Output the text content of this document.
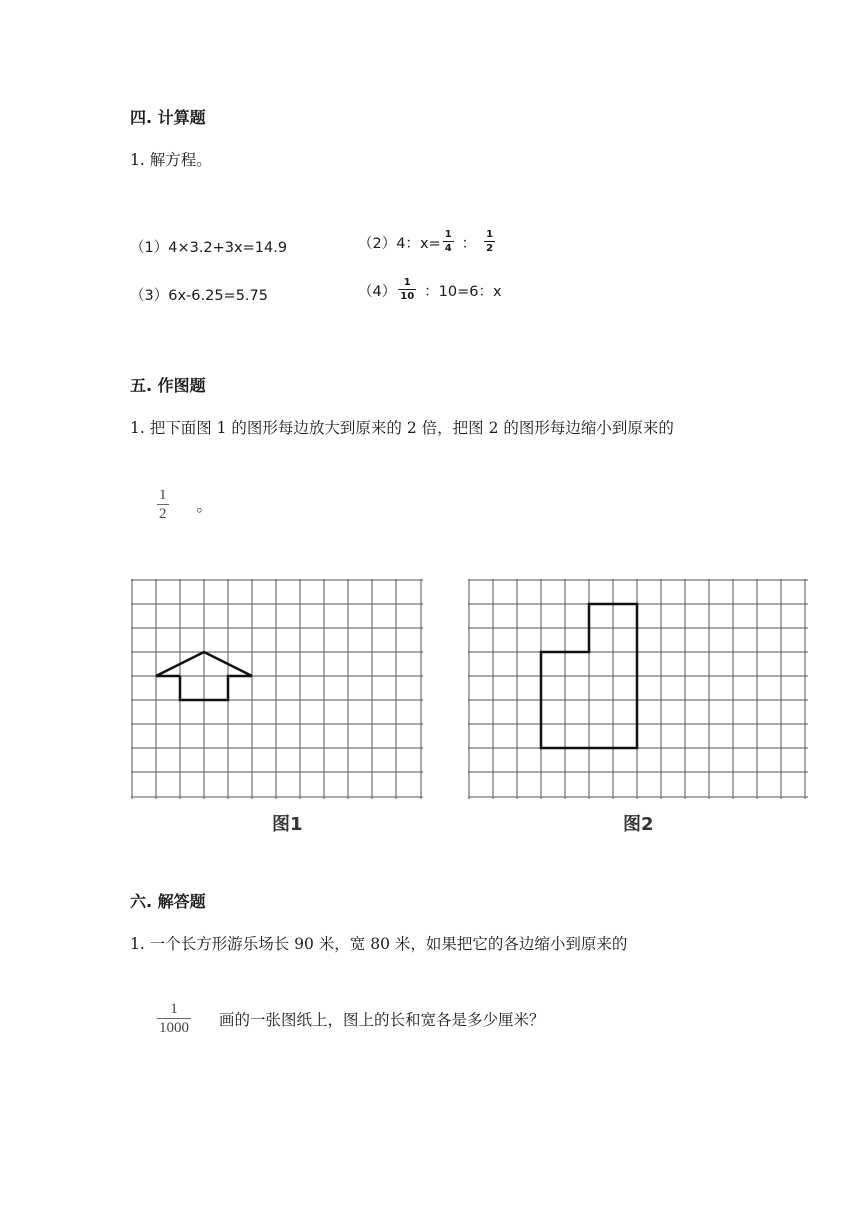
四. 计算题
1. 解方程。
（1）4×3.2+3x=14.9	（2）4：$x= \frac{1}{4}$ ： $\frac{1}{2}$
（3）6x-6.25=5.75	$(4) \frac{1}{10}$ ：10=6：x
五. 作图题
1. 把下面图 1 的图形每边放大到原来的 2 倍，把图 2 的图形每边缩小到原来的
$\frac{1}{2}$ 。
图1	图2
六. 解答题
1. 一个长方形游乐场长 90 米，宽 80 米，如果把它的各边缩小到原来的
$\frac{1}{1000}$ 画的一张图纸上，图上的长和宽各是多少厘米？
